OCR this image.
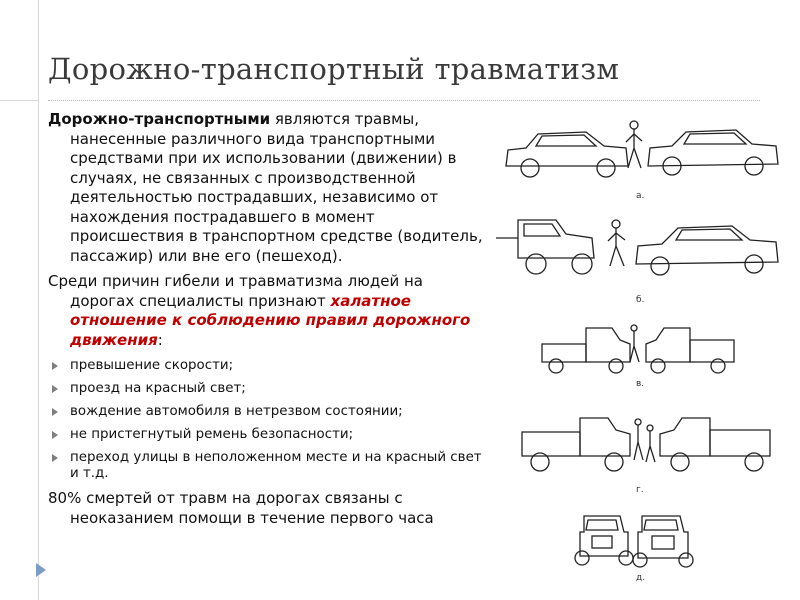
Дорожно-транспортный травматизм

Дорожно-транспортными являются травмы, нанесенные различного вида транспортными средствами при их использовании (движении) в случаях, не связанных с производственной деятельностью пострадавших, независимо от нахождения пострадавшего в момент происшествия в транспортном средстве (водитель, пассажир) или вне его (пешеход).

Среди причин гибели и травматизма людей на дорогах специалисты признают халатное отношение к соблюдению правил дорожного движения:

превышение скорости;
проезд на красный свет;
вождение автомобиля в нетрезвом состоянии;
не пристегнутый ремень безопасности;
переход улицы в неположенном месте и на красный свет и т.д.

80% смертей от травм на дорогах связаны с неоказанием помощи в течение первого часа

а.
б.
в.
г.
д.
